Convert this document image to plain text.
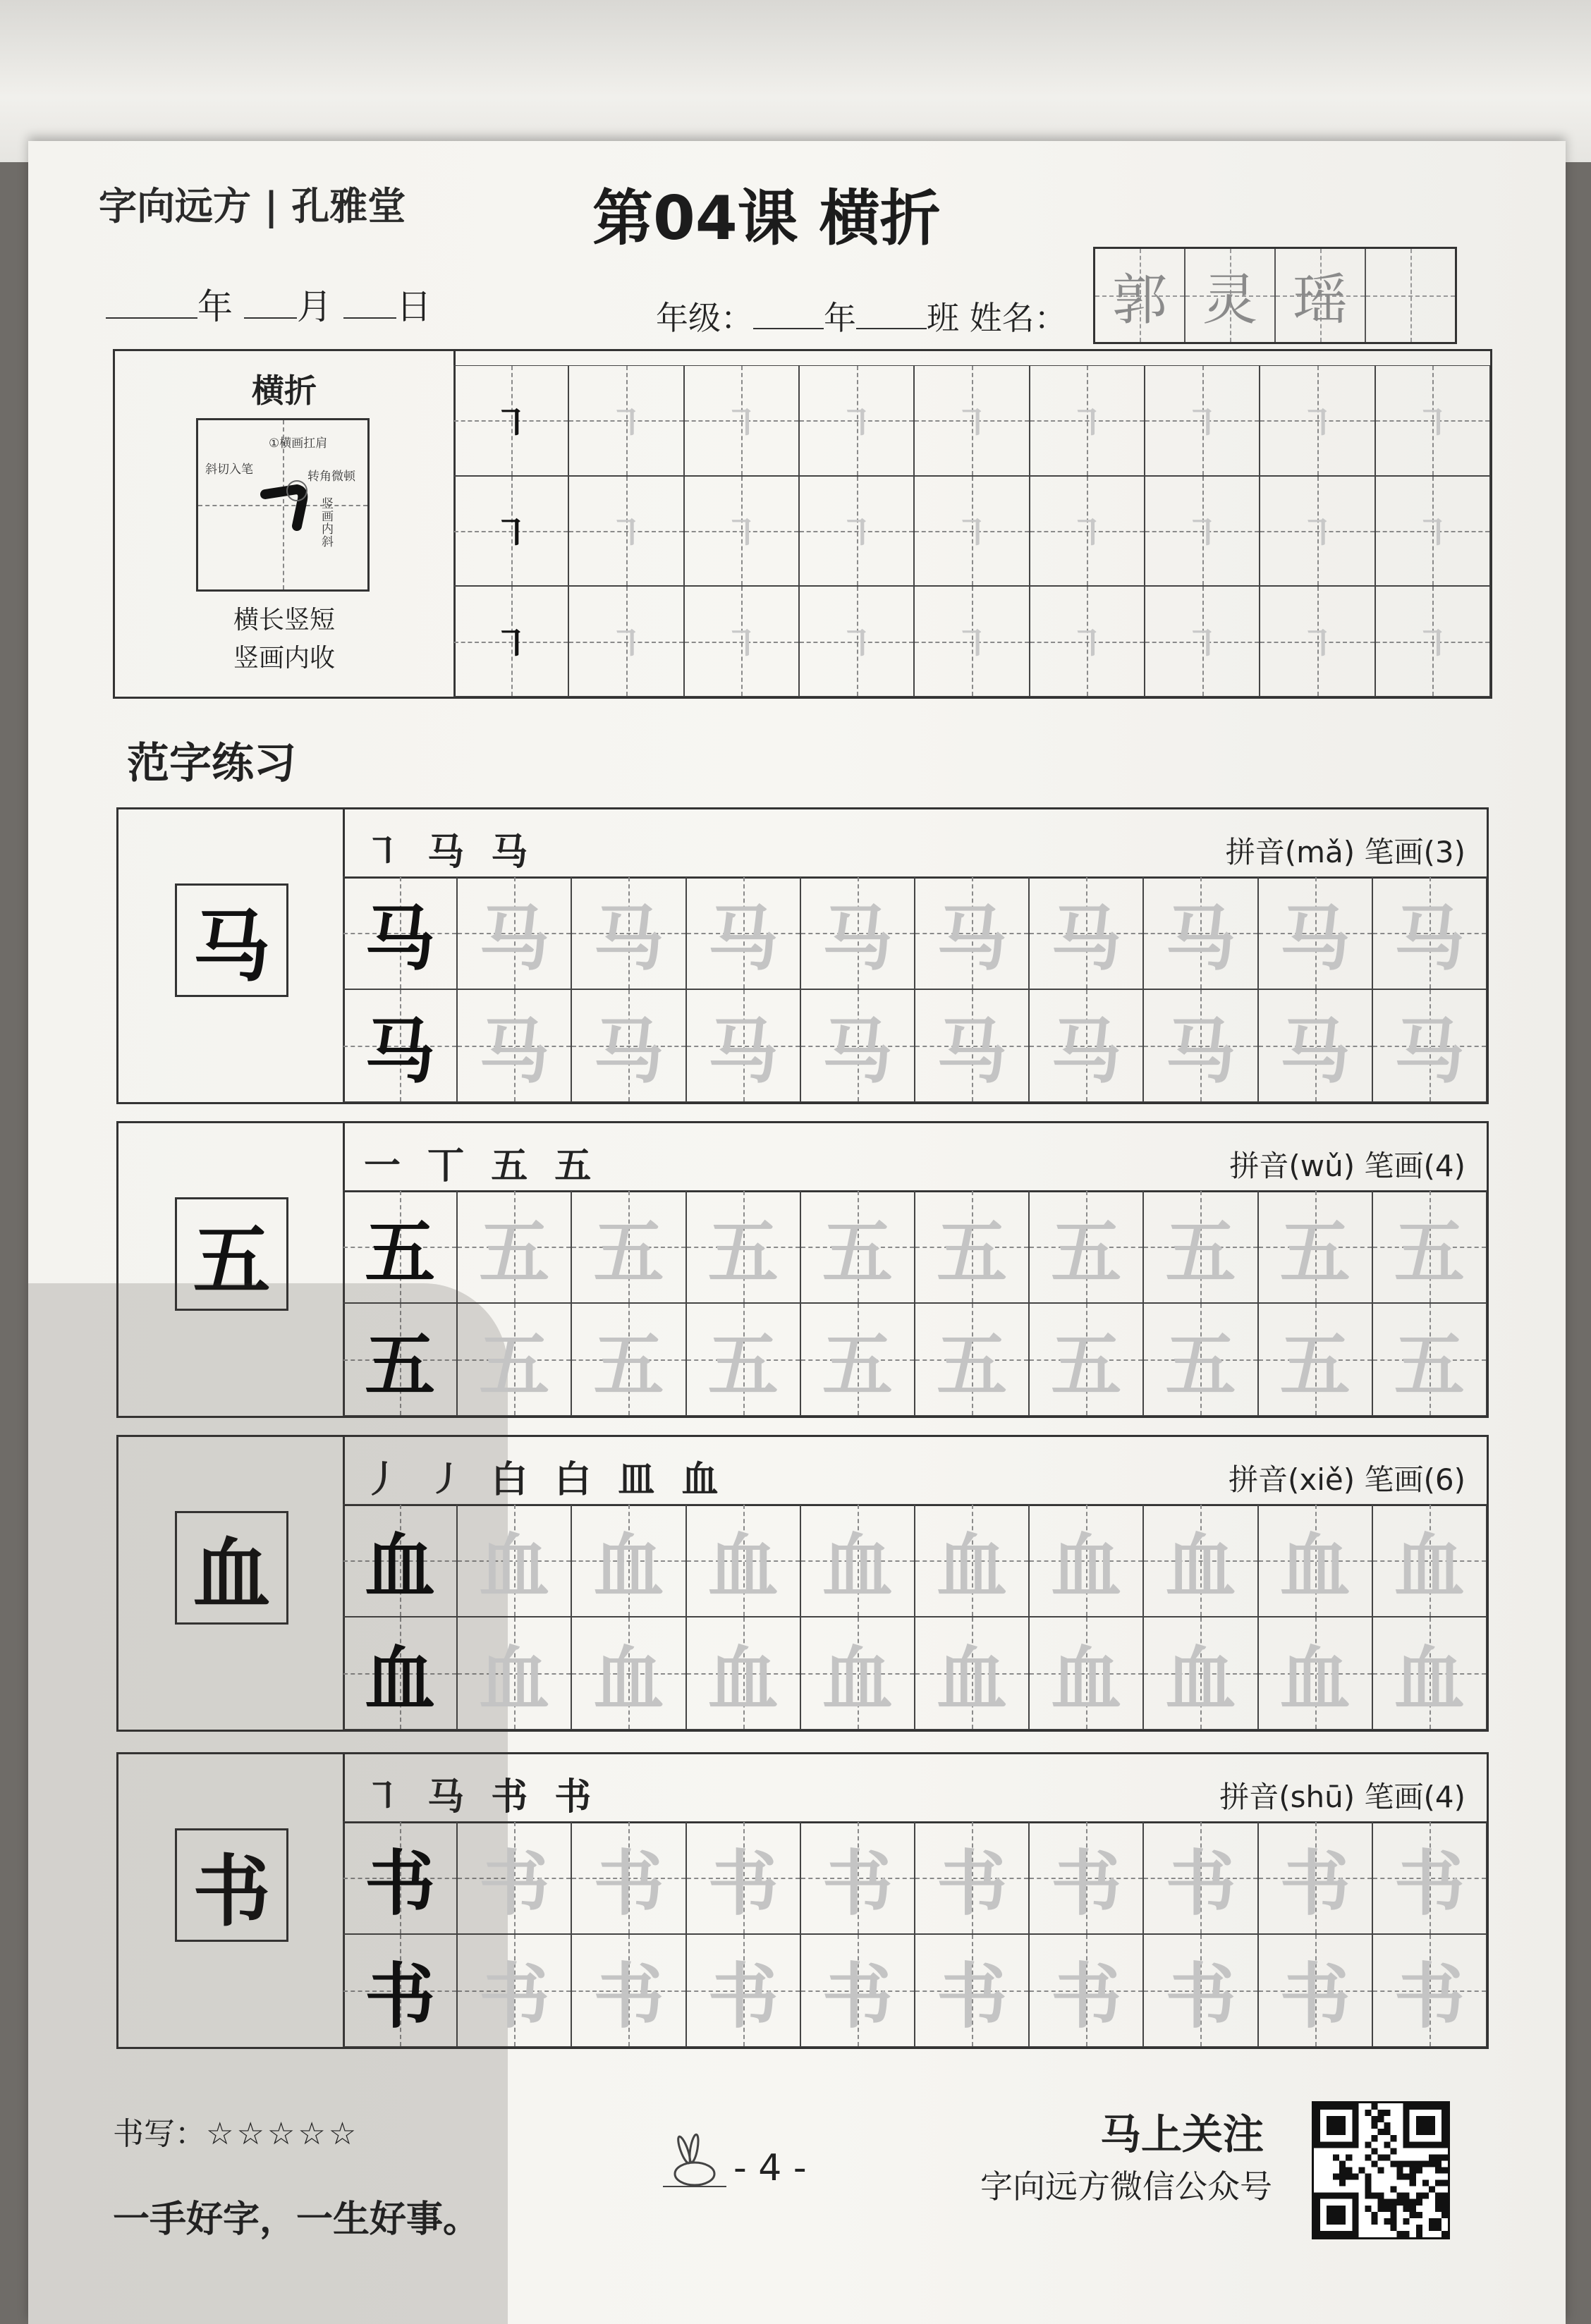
字向远方 | 孔雅堂	第04课 横折
年 月 日	年级： 年 班 姓名： 郭 灵 瑶
横折
①横画扛肩
斜切入笔	转角微顿
竖画内斜
横长竖短
竖画内收
㇕ ㇕ ㇕ ㇕ ㇕ ㇕ ㇕ ㇕ ㇕
㇕ ㇕ ㇕ ㇕ ㇕ ㇕ ㇕ ㇕ ㇕
㇕ ㇕ ㇕ ㇕ ㇕ ㇕ ㇕ ㇕ ㇕
范字练习
马
㇕ 马 马	拼音(mǎ) 笔画(3)
马 马 马 马 马 马 马 马 马 马
马 马 马 马 马 马 马 马 马 马
五
一 丅 五 五	拼音(wǔ) 笔画(4)
五 五 五 五 五 五 五 五 五 五
五 五 五 五 五 五 五 五 五 五
血
丿 ㇓ 白 白 皿 血	拼音(xiě) 笔画(6)
血 血 血 血 血 血 血 血 血 血
血 血 血 血 血 血 血 血 血 血
书
㇕ 马 书 书	拼音(shū) 笔画(4)
书 书 书 书 书 书 书 书 书 书
书 书 书 书 书 书 书 书 书 书
书写：☆☆☆☆☆
一手好字，一生好事。
- 4 -
马上关注
字向远方微信公众号
